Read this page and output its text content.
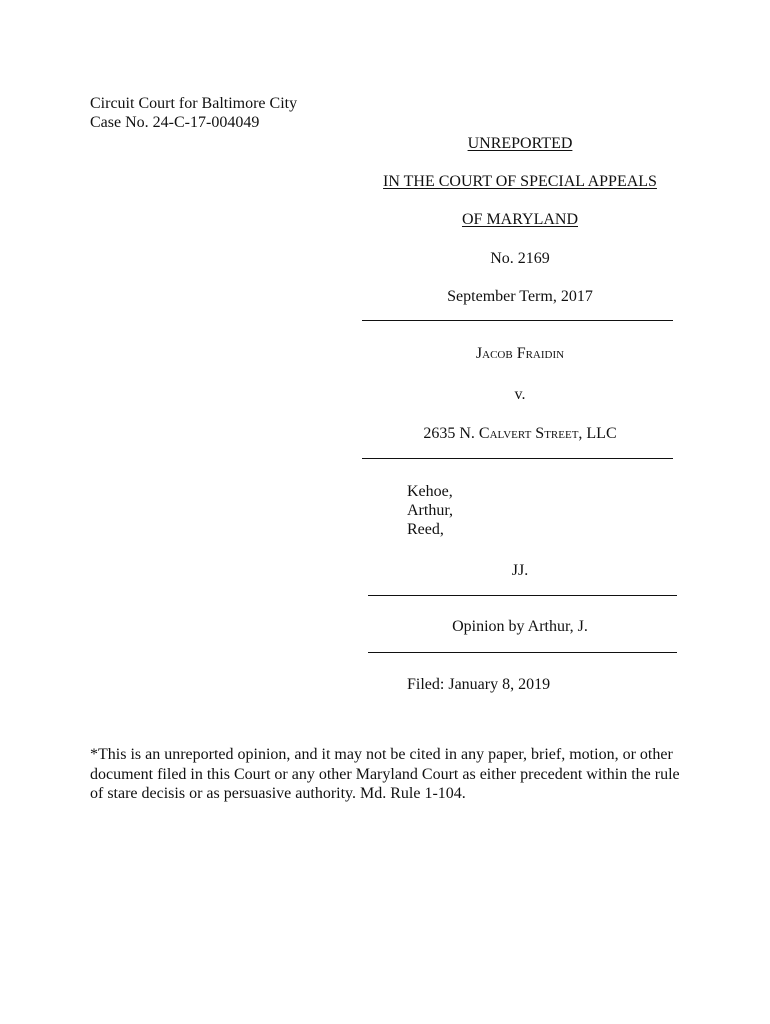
Circuit Court for Baltimore City
Case No. 24-C-17-004049
UNREPORTED
IN THE COURT OF SPECIAL APPEALS
OF MARYLAND
No. 2169
September Term, 2017
Jacob Fraidin
v.
2635 N. Calvert Street, LLC
Kehoe,
Arthur,
Reed,
JJ.
Opinion by Arthur, J.
Filed: January 8, 2019
*This is an unreported opinion, and it may not be cited in any paper, brief, motion, or other document filed in this Court or any other Maryland Court as either precedent within the rule of stare decisis or as persuasive authority. Md. Rule 1-104.
